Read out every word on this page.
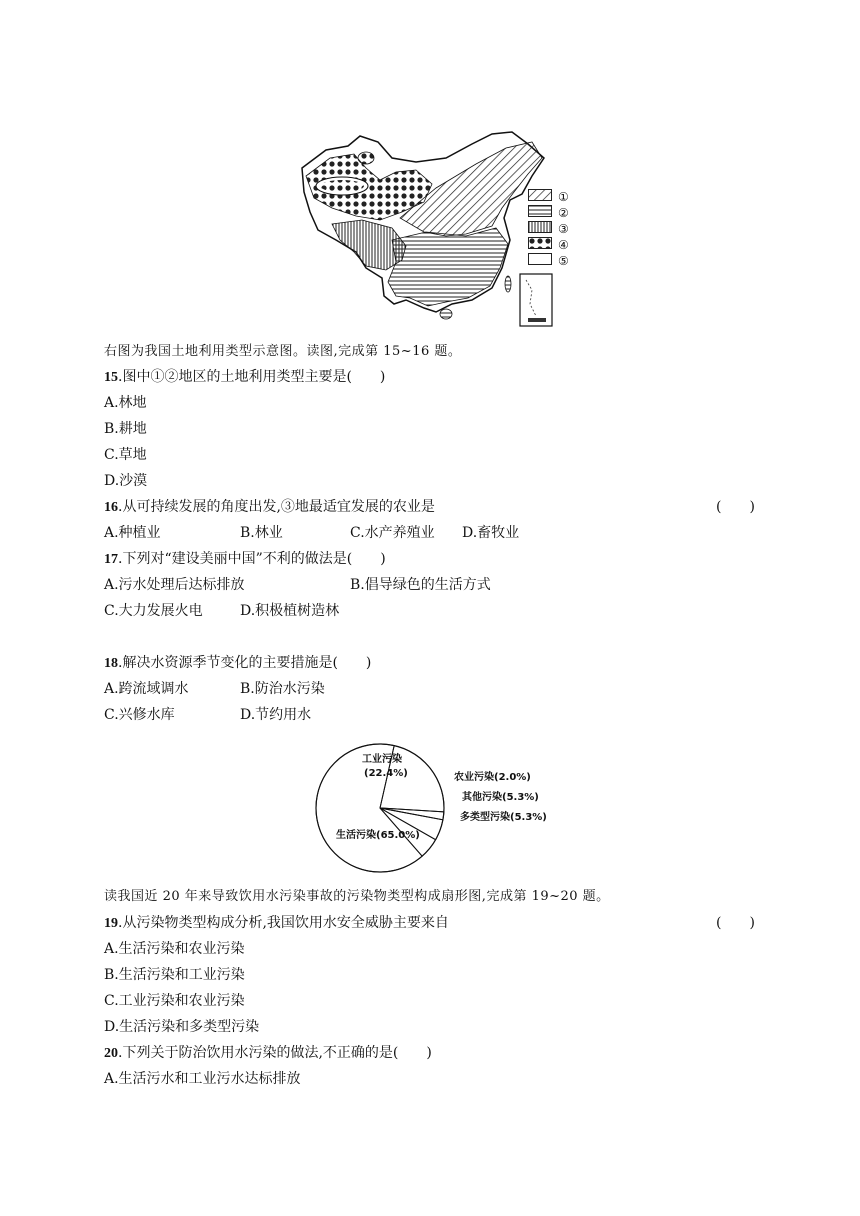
①
②
③
④
⑤
右图为我国土地利用类型示意图。读图,完成第 15~16 题。
15.图中①②地区的土地利用类型主要是(　　)
A.林地
B.耕地
C.草地
D.沙漠
16.从可持续发展的角度出发,③地最适宜发展的农业是	(　　)
A.种植业	B.林业	C.水产养殖业 D.畜牧业
17.下列对“建设美丽中国”不利的做法是(　　)
A.污水处理后达标排放	B.倡导绿色的生活方式
C.大力发展火电	D.积极植树造林
18.解决水资源季节变化的主要措施是(　　)
A.跨流域调水	B.防治水污染
C.兴修水库	D.节约用水
工业污染
(22.4%)	农业污染(2.0%)
其他污染(5.3%)
多类型污染(5.3%)
生活污染(65.0%)
读我国近 20 年来导致饮用水污染事故的污染物类型构成扇形图,完成第 19~20 题。
19.从污染物类型构成分析,我国饮用水安全威胁主要来自	(　　)
A.生活污染和农业污染
B.生活污染和工业污染
C.工业污染和农业污染
D.生活污染和多类型污染
20.下列关于防治饮用水污染的做法,不正确的是(　　)
A.生活污水和工业污水达标排放
